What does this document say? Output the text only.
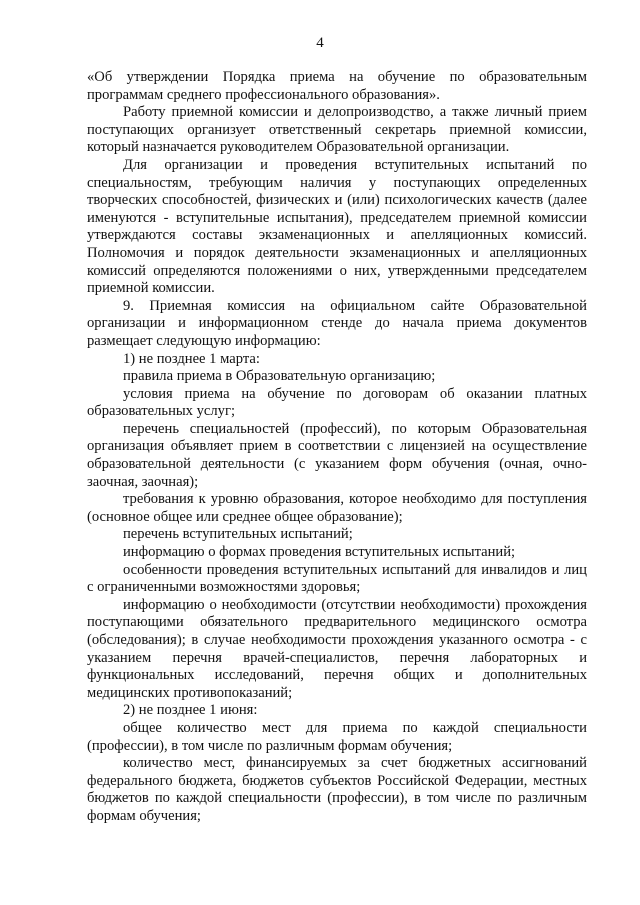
4

«Об утверждении Порядка приема на обучение по образовательным программам среднего профессионального образования».

Работу приемной комиссии и делопроизводство, а также личный прием поступающих организует ответственный секретарь приемной комиссии, который назначается руководителем Образовательной организации.

Для организации и проведения вступительных испытаний по специальностям, требующим наличия у поступающих определенных творческих способностей, физических и (или) психологических качеств (далее именуются - вступительные испытания), председателем приемной комиссии утверждаются составы экзаменационных и апелляционных комиссий. Полномочия и порядок деятельности экзаменационных и апелляционных комиссий определяются положениями о них, утвержденными председателем приемной комиссии.

9. Приемная комиссия на официальном сайте Образовательной организации и информационном стенде до начала приема документов размещает следующую информацию:

1) не позднее 1 марта:

правила приема в Образовательную организацию;

условия приема на обучение по договорам об оказании платных образовательных услуг;

перечень специальностей (профессий), по которым Образовательная организация объявляет прием в соответствии с лицензией на осуществление образовательной деятельности (с указанием форм обучения (очная, очно-заочная, заочная);

требования к уровню образования, которое необходимо для поступления (основное общее или среднее общее образование);

перечень вступительных испытаний;

информацию о формах проведения вступительных испытаний;

особенности проведения вступительных испытаний для инвалидов и лиц с ограниченными возможностями здоровья;

информацию о необходимости (отсутствии необходимости) прохождения поступающими обязательного предварительного медицинского осмотра (обследования); в случае необходимости прохождения указанного осмотра - с указанием перечня врачей-специалистов, перечня лабораторных и функциональных исследований, перечня общих и дополнительных медицинских противопоказаний;

2) не позднее 1 июня:

общее количество мест для приема по каждой специальности (профессии), в том числе по различным формам обучения;

количество мест, финансируемых за счет бюджетных ассигнований федерального бюджета, бюджетов субъектов Российской Федерации, местных бюджетов по каждой специальности (профессии), в том числе по различным формам обучения;
